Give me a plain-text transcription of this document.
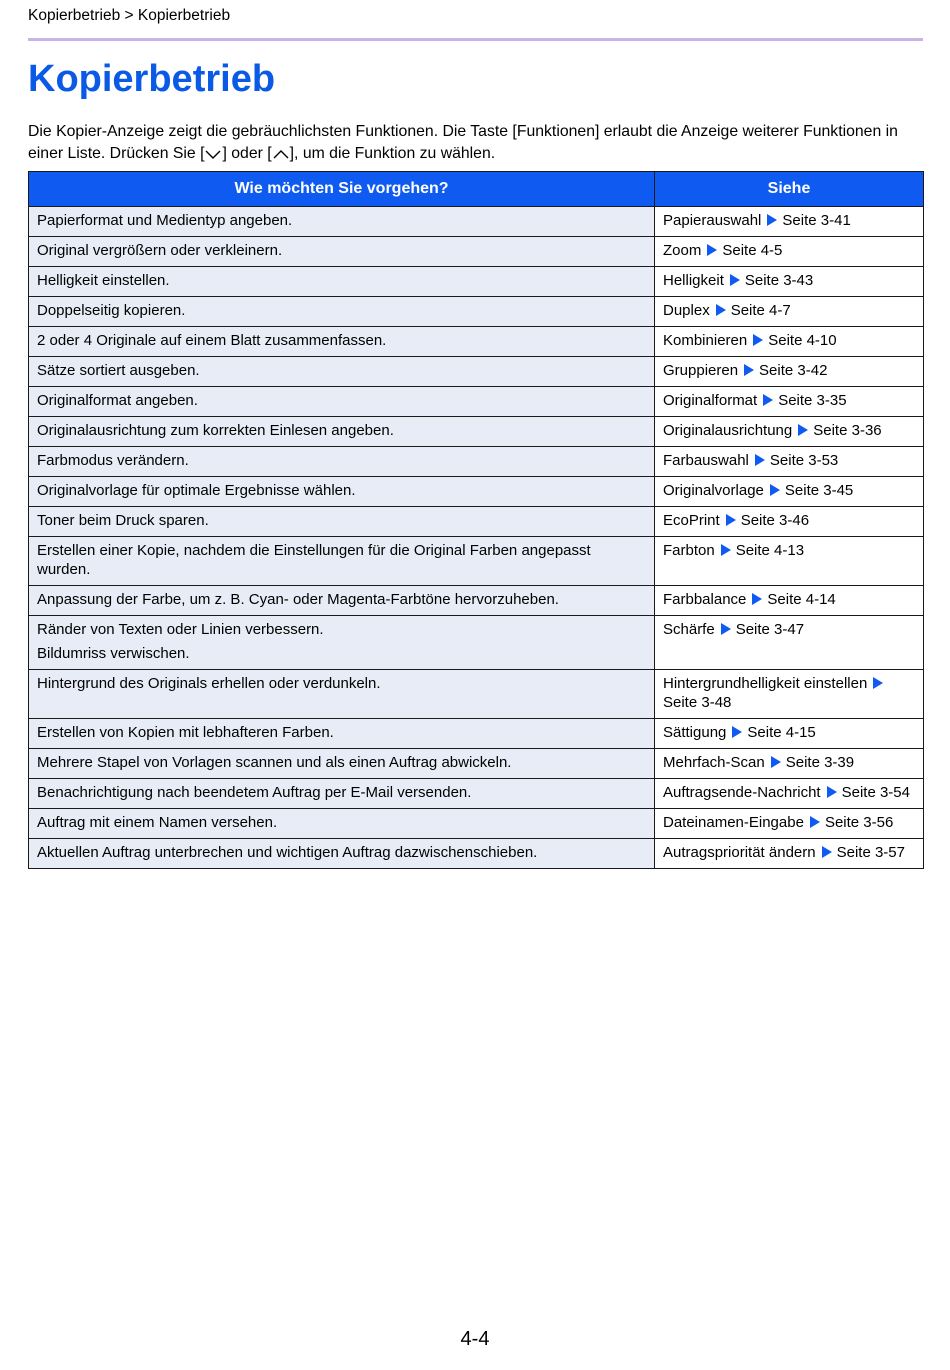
Kopierbetrieb > Kopierbetrieb
Kopierbetrieb

Die Kopier-Anzeige zeigt die gebräuchlichsten Funktionen. Die Taste [Funktionen] erlaubt die Anzeige weiterer Funktionen in einer Liste. Drücken Sie [ ] oder [ ], um die Funktion zu wählen.

Wie möchten Sie vorgehen?	Siehe

Papierformat und Medientyp angeben.	Papierauswahl Seite 3-41

Original vergrößern oder verkleinern.	Zoom Seite 4-5

Helligkeit einstellen.	Helligkeit Seite 3-43

Doppelseitig kopieren.	Duplex Seite 4-7

2 oder 4 Originale auf einem Blatt zusammenfassen.	Kombinieren Seite 4-10

Sätze sortiert ausgeben.	Gruppieren Seite 3-42

Originalformat angeben.	Originalformat Seite 3-35

Originalausrichtung zum korrekten Einlesen angeben.	Originalausrichtung Seite 3-36

Farbmodus verändern.	Farbauswahl Seite 3-53

Originalvorlage für optimale Ergebnisse wählen.	Originalvorlage Seite 3-45

Toner beim Druck sparen.	EcoPrint Seite 3-46

Erstellen einer Kopie, nachdem die Einstellungen für die Original Farben angepasst wurden.	Farbton Seite 4-13

Anpassung der Farbe, um z. B. Cyan- oder Magenta-Farbtöne hervorzuheben.	Farbbalance Seite 4-14

Ränder von Texten oder Linien verbessern.
Bildumriss verwischen.	Schärfe Seite 3-47

Hintergrund des Originals erhellen oder verdunkeln.	Hintergrundhelligkeit einstellenSeite 3-48

Erstellen von Kopien mit lebhafteren Farben.	Sättigung Seite 4-15

Mehrere Stapel von Vorlagen scannen und als einen Auftrag abwickeln.	Mehrfach-Scan Seite 3-39

Benachrichtigung nach beendetem Auftrag per E-Mail versenden.	Auftragsende-Nachricht Seite 3-54

Auftrag mit einem Namen versehen.	Dateinamen-Eingabe Seite 3-56

Aktuellen Auftrag unterbrechen und wichtigen Auftrag dazwischenschieben.	Autragspriorität ändern Seite 3-57
4-4
